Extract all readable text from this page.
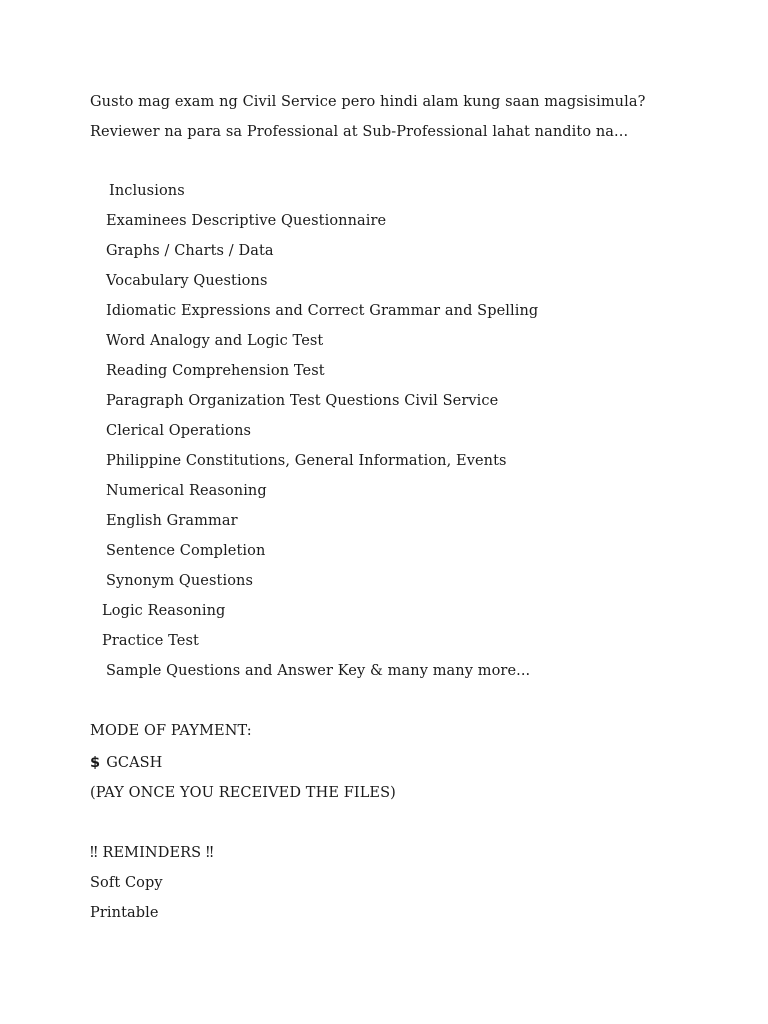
Gusto mag exam ng Civil Service pero hindi alam kung saan magsisimula?
Reviewer na para sa Professional at Sub-Professional lahat nandito na...
Inclusions
Examinees Descriptive Questionnaire
Graphs / Charts / Data
Vocabulary Questions
Idiomatic Expressions and Correct Grammar and Spelling
Word Analogy and Logic Test
Reading Comprehension Test
Paragraph Organization Test Questions Civil Service
Clerical Operations
Philippine Constitutions, General Information, Events
Numerical Reasoning
English Grammar
Sentence Completion
Synonym Questions
Logic Reasoning
Practice Test
Sample Questions and Answer Key & many many more...
MODE OF PAYMENT:
$ GCASH
(PAY ONCE YOU RECEIVED THE FILES)
‼ REMINDERS ‼
Soft Copy
Printable
